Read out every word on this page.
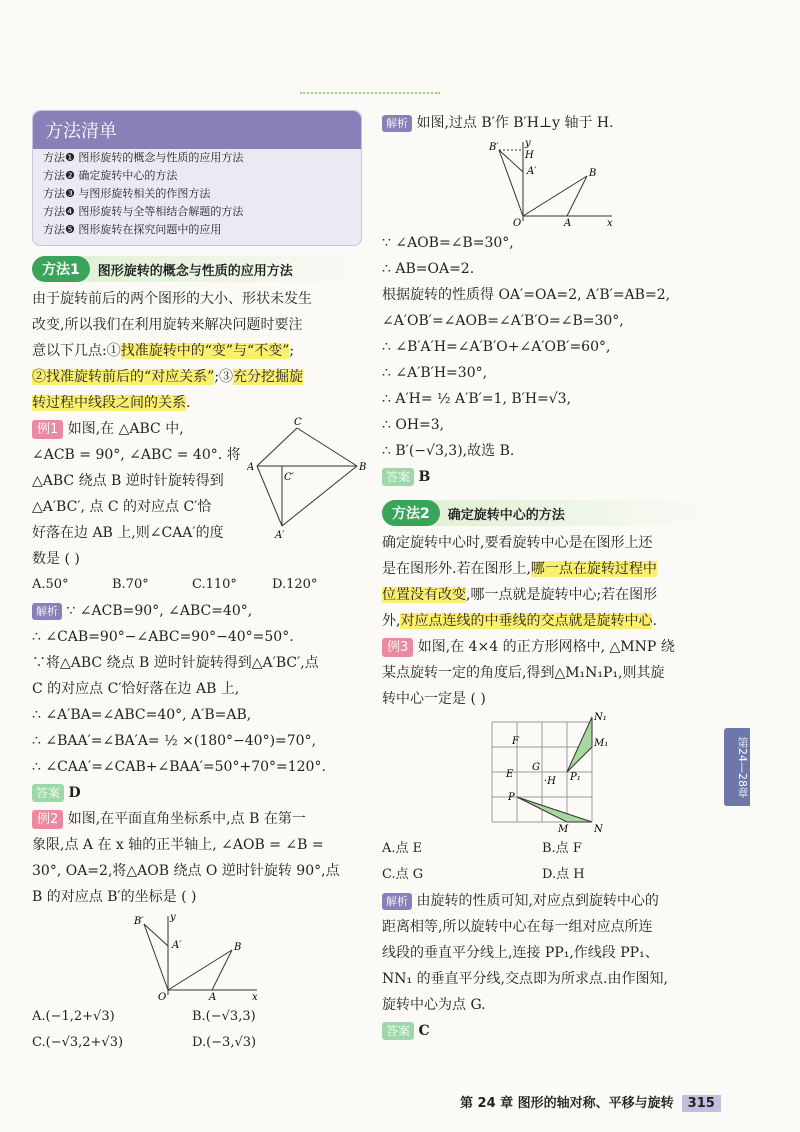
方法清单
方法❶ 图形旋转的概念与性质的应用方法
方法❷ 确定旋转中心的方法
方法❸ 与图形旋转相关的作图方法
方法❹ 图形旋转与全等相结合解题的方法
方法❺ 图形旋转在探究问题中的应用
方法1	图形旋转的概念与性质的应用方法
由于旋转前后的两个图形的大小、形状未发生
改变,所以我们在利用旋转来解决问题时要注
意以下几点:①找准旋转中的“变”与“不变”;
②找准旋转前后的“对应关系”;③充分挖掘旋
转过程中线段之间的关系.
例1 如图,在 △ABC 中,
∠ACB = 90°, ∠ABC = 40°. 将
△ABC 绕点 B 逆时针旋转得到
△A′BC′, 点 C 的对应点 C′恰
好落在边 AB 上,则∠CAA′的度
数是 ( )
C
A	B
C′
A′
A.50°	B.70°	C.110°	D.120°
解析 ∵ ∠ACB=90°, ∠ABC=40°,
∴ ∠CAB=90°−∠ABC=90°−40°=50°.
∵将△ABC 绕点 B 逆时针旋转得到△A′BC′,点
C 的对应点 C′恰好落在边 AB 上,
∴ ∠A′BA=∠ABC=40°, A′B=AB,
∴ ∠BAA′=∠BA′A= ½ ×(180°−40°)=70°,
∴ ∠CAA′=∠CAB+∠BAA′=50°+70°=120°.
答案 D
例2 如图,在平面直角坐标系中,点 B 在第一
象限,点 A 在 x 轴的正半轴上, ∠AOB = ∠B =
30°, OA=2,将△AOB 绕点 O 逆时针旋转 90°,点
B 的对应点 B′的坐标是 ( )
B′	y
A′	B
O	A	x
A.(−1,2+√3)	B.(−√3,3)
C.(−√3,2+√3)	D.(−3,√3)
解析 如图,过点 B′作 B′H⊥y 轴于 H.
B′	y
H
A′	B
O	A	x
∵ ∠AOB=∠B=30°,
∴ AB=OA=2.
根据旋转的性质得 OA′=OA=2, A′B′=AB=2,
∠A′OB′=∠AOB=∠A′B′O=∠B=30°,
∴ ∠B′A′H=∠A′B′O+∠A′OB′=60°,
∴ ∠A′B′H=30°,
∴ A′H= ½ A′B′=1, B′H=√3,
∴ OH=3,
∴ B′(−√3,3),故选 B.
答案 B
方法2	确定旋转中心的方法
确定旋转中心时,要看旋转中心是在图形上还
是在图形外.若在图形上,哪一点在旋转过程中
位置没有改变,哪一点就是旋转中心;若在图形
外,对应点连线的中垂线的交点就是旋转中心.
例3 如图,在 4×4 的正方形网格中, △MNP 绕
某点旋转一定的角度后,得到△M₁N₁P₁,则其旋
转中心一定是 ( )
N₁
M₁
F
E
G
·H P₁
P
M	N
A.点 E	B.点 F
C.点 G	D.点 H
解析 由旋转的性质可知,对应点到旋转中心的
距离相等,所以旋转中心在每一组对应点所连
线段的垂直平分线上,连接 PP₁,作线段 PP₁、
NN₁ 的垂直平分线,交点即为所求点.由作图知,
旋转中心为点 G.
答案 C
第24—28章
第 24 章 图形的轴对称、平移与旋转 315
